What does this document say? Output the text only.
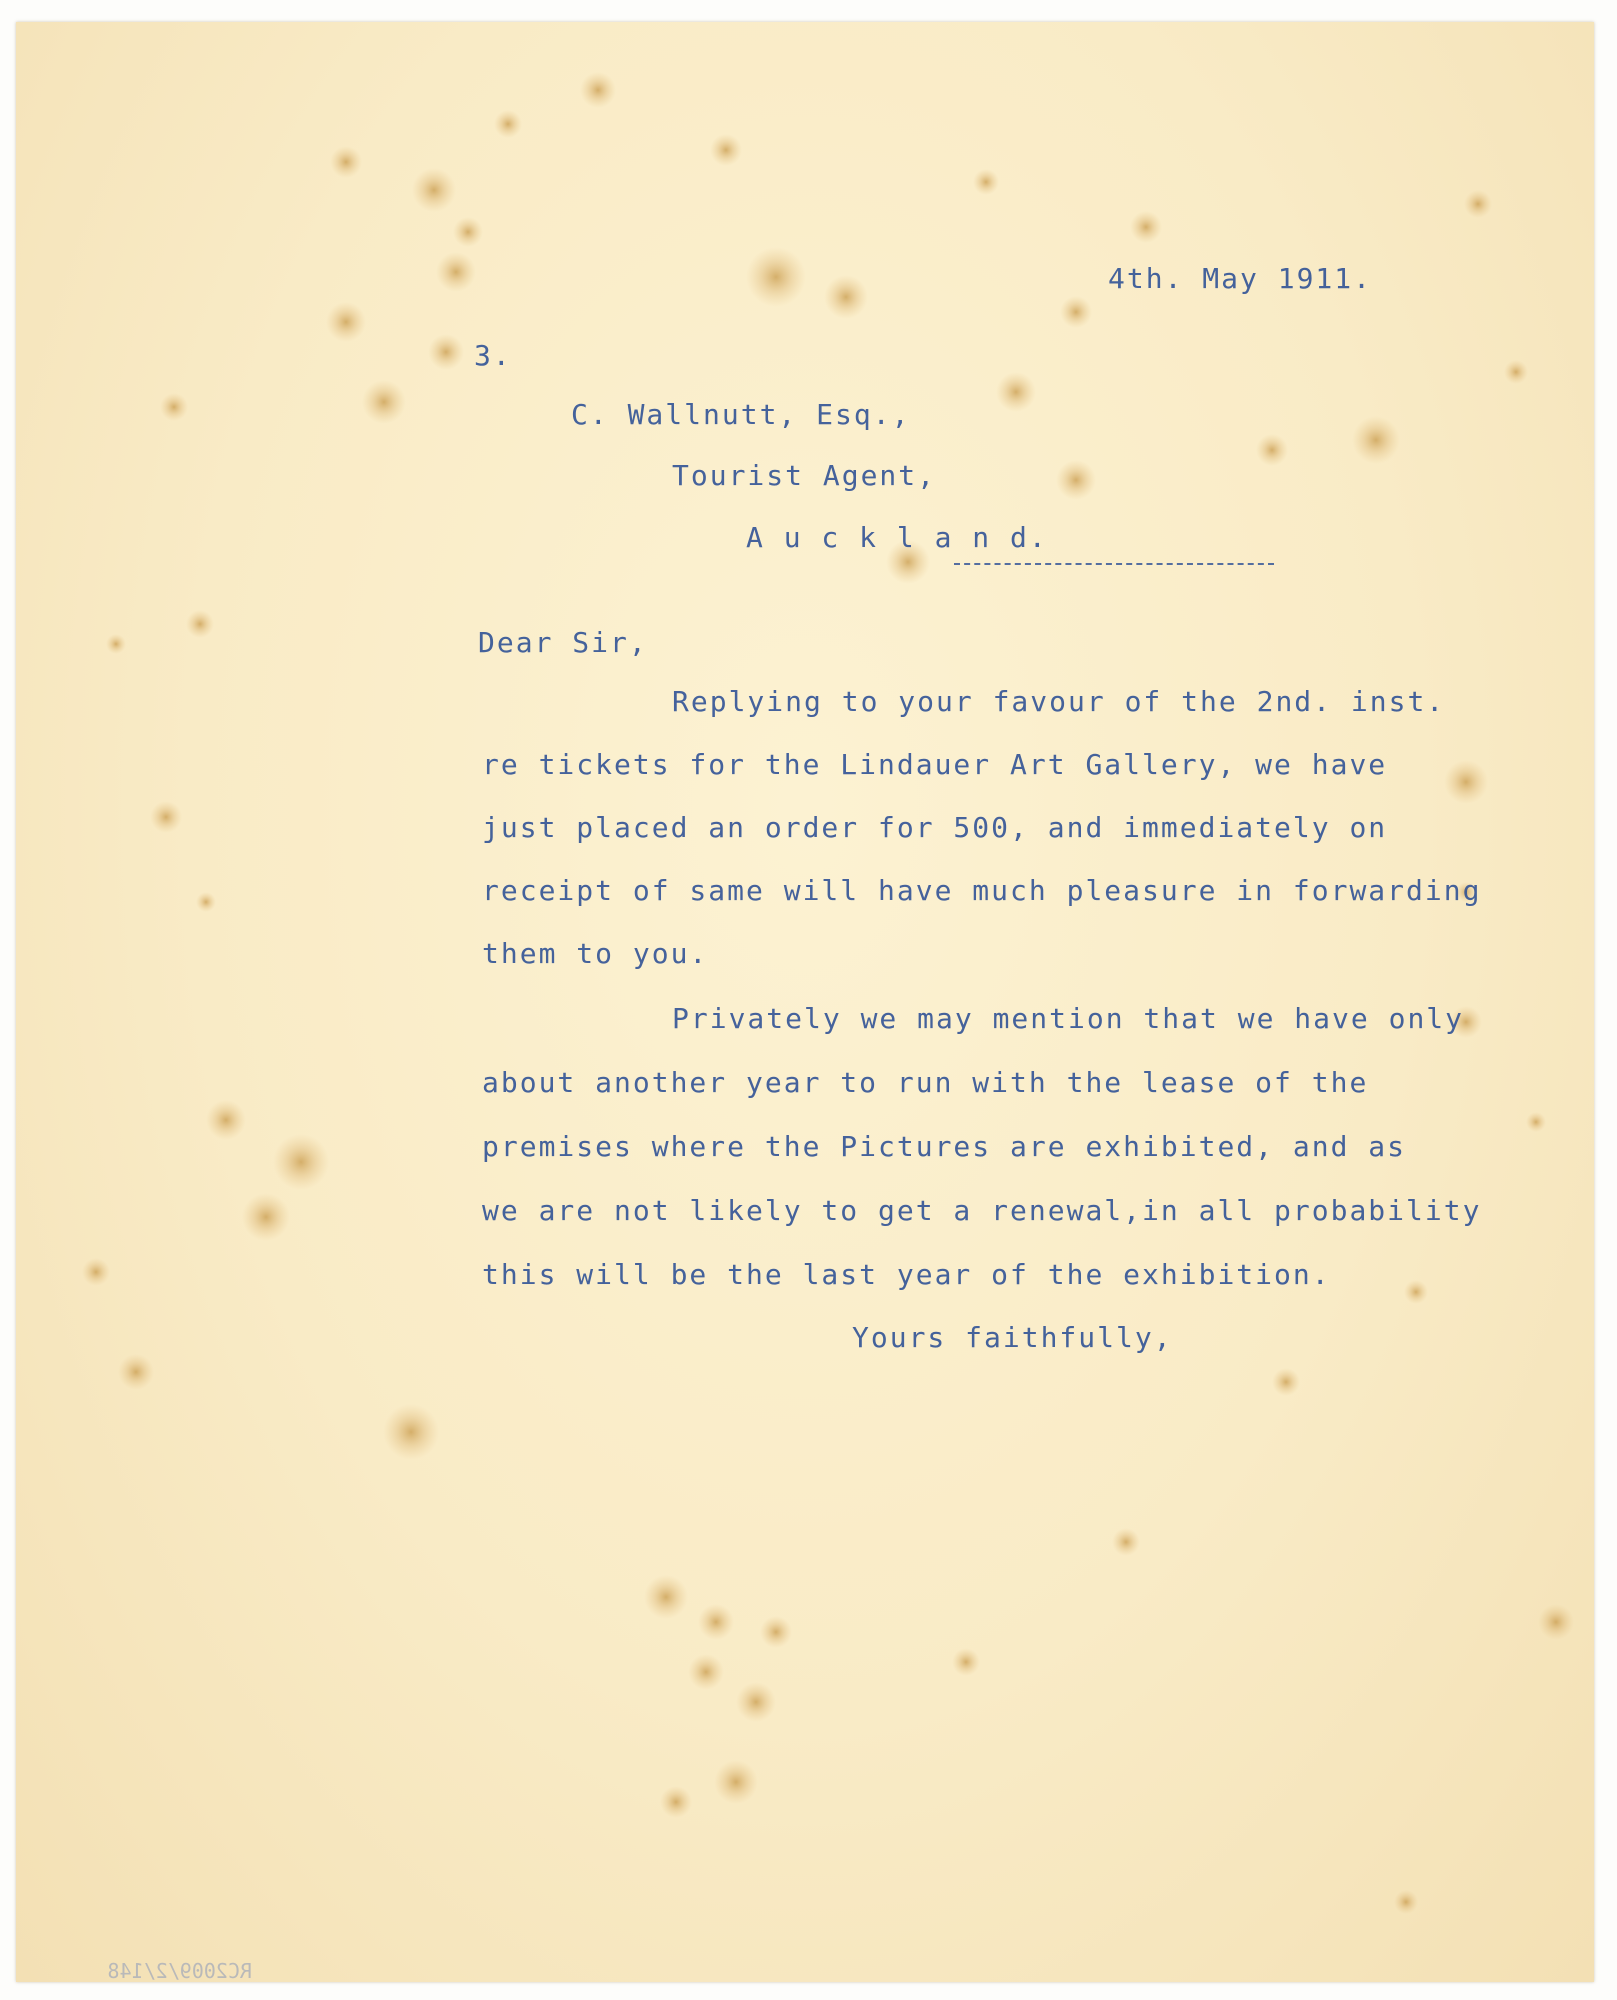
4th. May 1911.

3.

C. Wallnutt, Esq.,

Tourist Agent,

A u c k l a n d.

Dear Sir,

Replying to your favour of the 2nd. inst.

re tickets for the Lindauer Art Gallery, we have

just placed an order for 500, and immediately on

receipt of same will have much pleasure in forwarding

them to you.

Privately we may mention that we have only

about another year to run with the lease of the

premises where the Pictures are exhibited, and as

we are not likely to get a renewal,in all probability

this will be the last year of the exhibition.

Yours faithfully,

RC2009/2/148
